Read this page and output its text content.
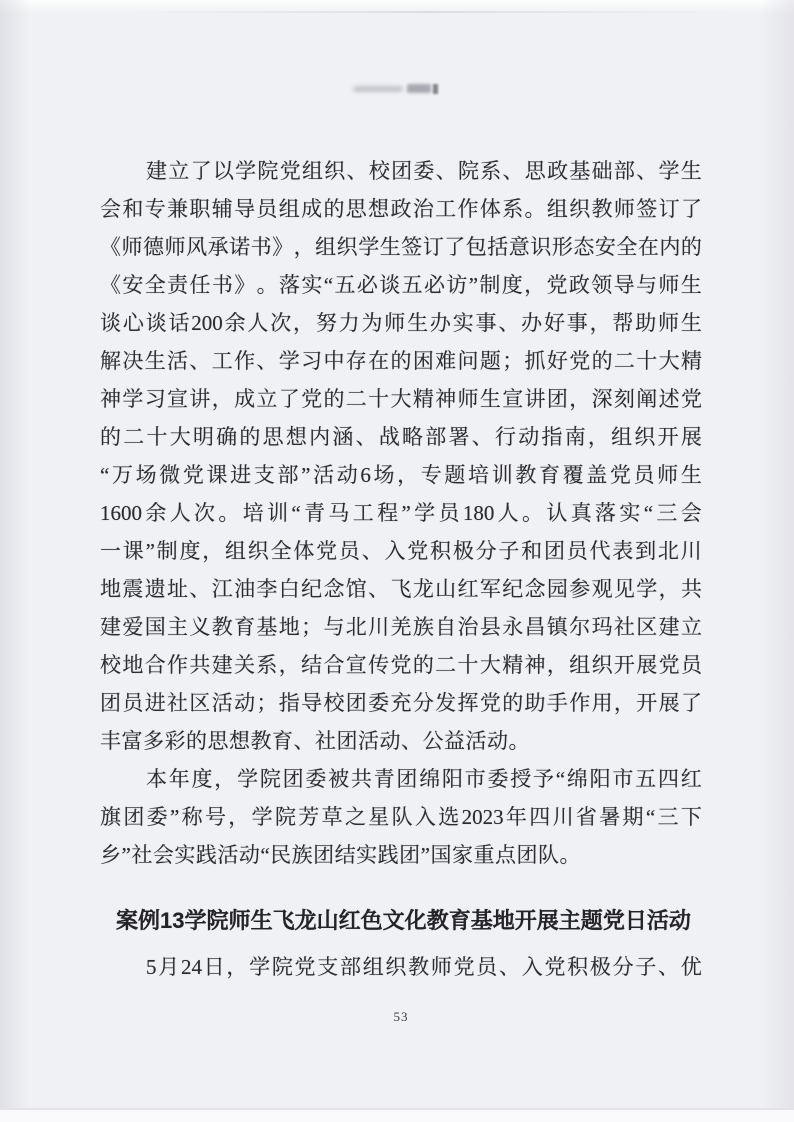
建 立 了 以 学 院 党 组 织 、 校 团 委 、 院 系 、 思 政 基 础 部 、 学 生
会 和 专 兼 职 辅 导 员 组 成 的 思 想 政 治 工 作 体 系 。 组 织 教 师 签 订 了
《 师 德 师 风 承 诺 书 》 ， 组 织 学 生 签 订 了 包 括 意 识 形 态 安 全 在 内 的
《 安 全 责 任 书 》 。 落 实 “ 五 必 谈 五 必 访 ” 制 度 ， 党 政 领 导 与 师 生
谈 心 谈 话 200 余 人 次 ， 努 力 为 师 生 办 实 事 、 办 好 事 ， 帮 助 师 生
解 决 生 活 、 工 作 、 学 习 中 存 在 的 困 难 问 题 ； 抓 好 党 的 二 十 大 精
神 学 习 宣 讲 ， 成 立 了 党 的 二 十 大 精 神 师 生 宣 讲 团 ， 深 刻 阐 述 党
的 二 十 大 明 确 的 思 想 内 涵 、 战 略 部 署 、 行 动 指 南 ， 组 织 开 展
“ 万 场 微 党 课 进 支 部 ” 活 动 6 场 ， 专 题 培 训 教 育 覆 盖 党 员 师 生
1600 余 人 次 。 培 训 “ 青 马 工 程 ” 学 员 180 人 。 认 真 落 实 “ 三 会
一 课 ” 制 度 ， 组 织 全 体 党 员 、 入 党 积 极 分 子 和 团 员 代 表 到 北 川
地 震 遗 址 、 江 油 李 白 纪 念 馆 、 飞 龙 山 红 军 纪 念 园 参 观 见 学 ， 共
建 爱 国 主 义 教 育 基 地 ； 与 北 川 羌 族 自 治 县 永 昌 镇 尔 玛 社 区 建 立
校 地 合 作 共 建 关 系 ， 结 合 宣 传 党 的 二 十 大 精 神 ， 组 织 开 展 党 员
团 员 进 社 区 活 动 ； 指 导 校 团 委 充 分 发 挥 党 的 助 手 作 用 ， 开 展 了
丰富多彩的思想教育、社团活动、公益活动。
本 年 度 ， 学 院 团 委 被 共 青 团 绵 阳 市 委 授 予 “ 绵 阳 市 五 四 红
旗 团 委 ” 称 号 ， 学 院 芳 草 之 星 队 入 选 2023 年 四 川 省 暑 期 “ 三 下
乡”社会实践活动“民族团结实践团”国家重点团队。
案 例 13 学 院 师 生 飞 龙 山 红 色 文 化 教 育 基 地 开 展 主 题 党 日 活 动
5 月 24 日 ， 学 院 党 支 部 组 织 教 师 党 员 、 入 党 积 极 分 子 、 优
53
